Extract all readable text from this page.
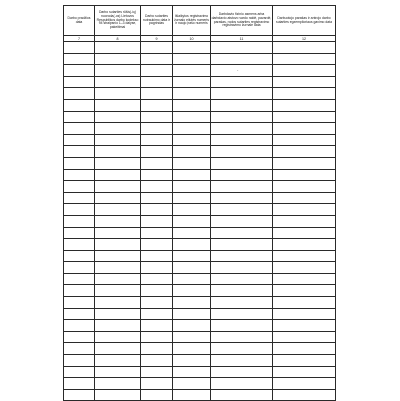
Darbo pradžios data	Darbo sutarties rūšis(-ių) nuoroda(-os) Lietuvos Respublikos darbo kodekso 94 straipsnio 1–3 dalyse, pakeitimai	Darbo sutarties nutraukimo data ir pagrindas	Išlaikytos registravimo žurnalo eilutės numeris ir naujo įrašo numeris	Darbdavio fizinio asmens arba darbdavio atstovo vardo raidė, pavardė, parašas, rodos sutarties registravimo registravimo žurnale data	Darbuotojo parašas ir antrojo darbo sutarties egzemplioriaus gavimo data
7	8	9	10	11	12

				-	
